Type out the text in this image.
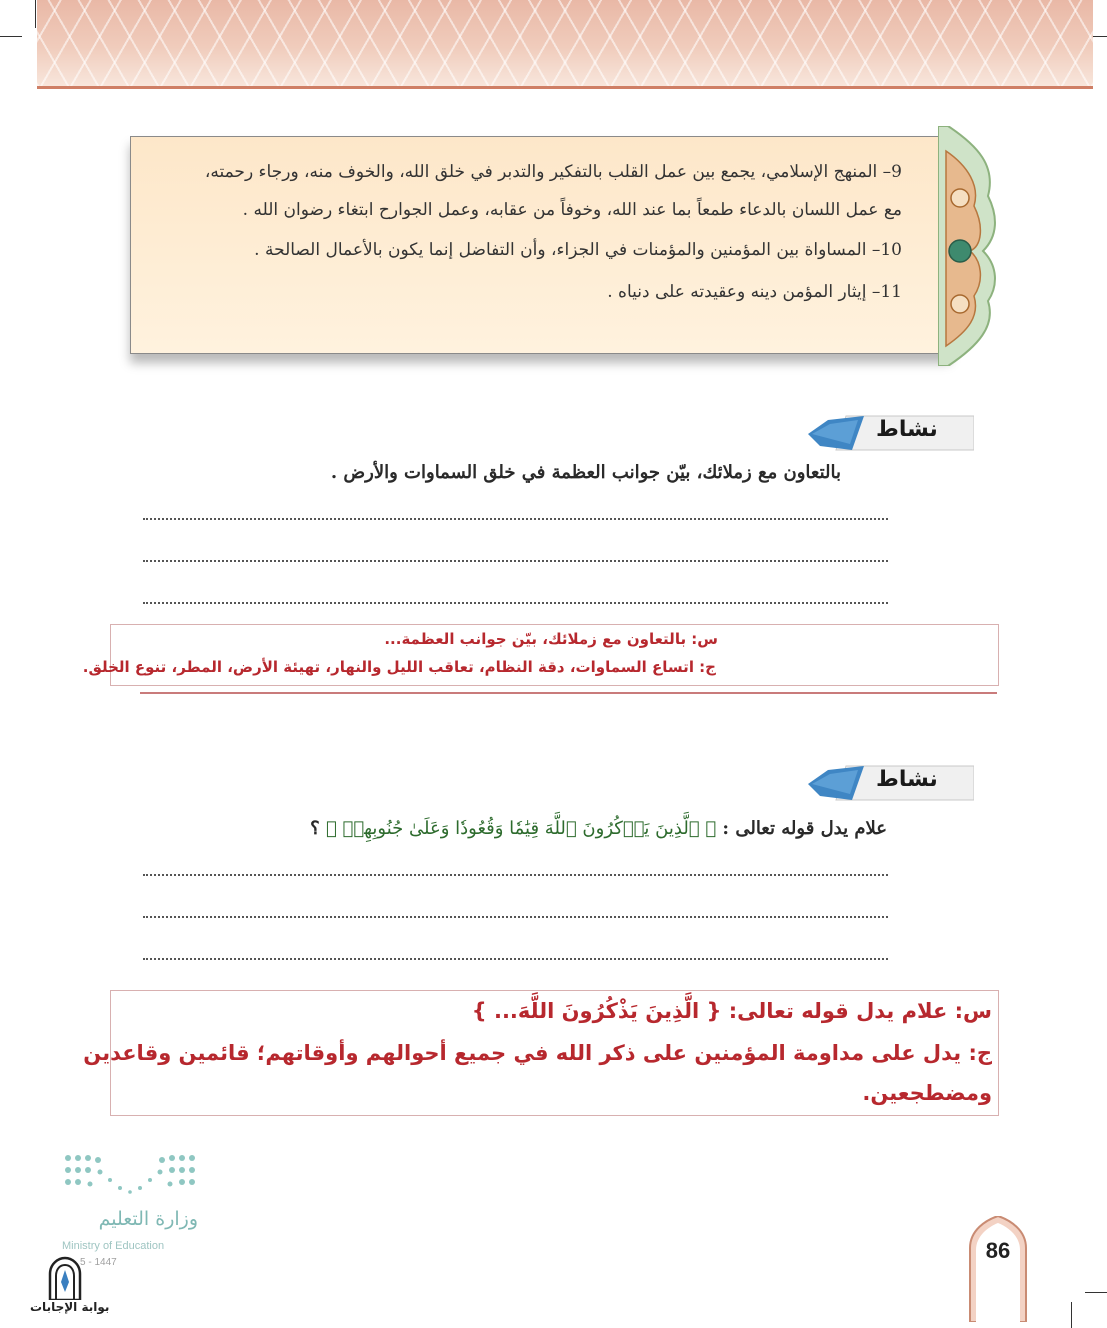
9– المنهج الإسلامي، يجمع بين عمل القلب بالتفكير والتدبر في خلق الله، والخوف منه، ورجاء رحمته،
مع عمل اللسان بالدعاء طمعاً بما عند الله، وخوفاً من عقابه، وعمل الجوارح ابتغاء رضوان الله .
10– المساواة بين المؤمنين والمؤمنات في الجزاء، وأن التفاضل إنما يكون بالأعمال الصالحة .
11– إيثار المؤمن دينه وعقيدته على دنياه .
نشاط
بالتعاون مع زملائك، بيّن جوانب العظمة في خلق السماوات والأرض .
س: بالتعاون مع زملائك، بيّن جوانب العظمة...
ج: اتساع السماوات، دقة النظام، تعاقب الليل والنهار، تهيئة الأرض، المطر، تنوع الخلق.
نشاط
علام يدل قوله تعالى : ﴿ ٱلَّذِينَ يَذۡكُرُونَ ٱللَّهَ قِيَٰمٗا وَقُعُودٗا وَعَلَىٰ جُنُوبِهِمۡ ﴾ ؟
س: علام يدل قوله تعالى: { الَّذِينَ يَذْكُرُونَ اللَّهَ... }
ج: يدل على مداومة المؤمنين على ذكر الله في جميع أحوالهم وأوقاتهم؛ قائمين وقاعدين
ومضطجعين.
وزارة التعليم
Ministry of Education
5 - 1447
بوابة الإجابات
86
